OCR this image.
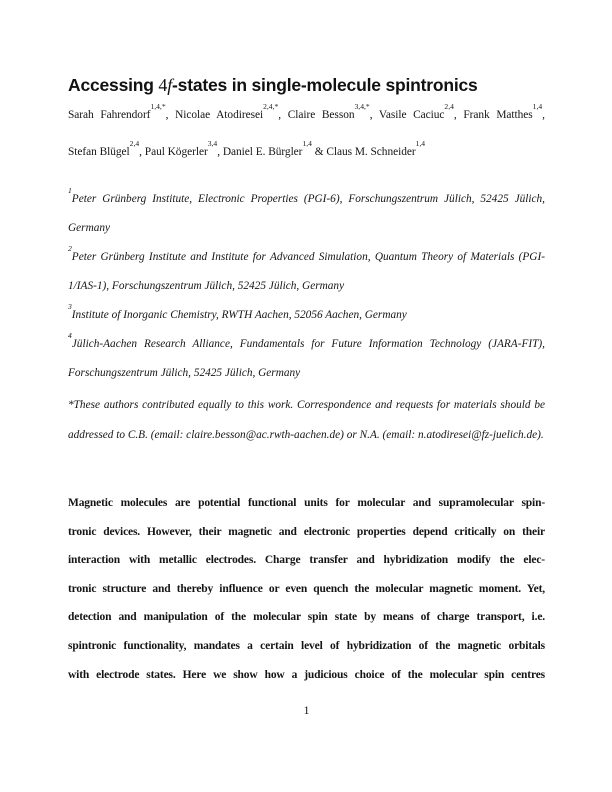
Accessing 4f-states in single-molecule spintronics
Sarah Fahrendorf$^{1,4,*}$, Nicolae Atodiresei$^{2,4,*}$, Claire Besson$^{3,4,*}$, Vasile Caciuc$^{2,4}$, Frank Matthes$^{1,4}$,
Stefan Blügel$^{2,4}$, Paul Kögerler$^{3,4}$, Daniel E. Bürgler$^{1,4}$ & Claus M. Schneider$^{1,4}$
$^1$Peter Grünberg Institute, Electronic Properties (PGI-6), Forschungszentrum Jülich, 52425 Jülich, Germany
$^2$Peter Grünberg Institute and Institute for Advanced Simulation, Quantum Theory of Materials (PGI-1/IAS-1), Forschungszentrum Jülich, 52425 Jülich, Germany
$^3$Institute of Inorganic Chemistry, RWTH Aachen, 52056 Aachen, Germany
$^4$Jülich-Aachen Research Alliance, Fundamentals for Future Information Technology (JARA-FIT), Forschungszentrum Jülich, 52425 Jülich, Germany
*These authors contributed equally to this work. Correspondence and requests for materials should be addressed to C.B. (email: claire.besson@ac.rwth-aachen.de) or N.A. (email: n.atodiresei@fz-juelich.de).
Magnetic molecules are potential functional units for molecular and supramolecular spin-
tronic devices. However, their magnetic and electronic properties depend critically on their
interaction with metallic electrodes. Charge transfer and hybridization modify the elec-
tronic structure and thereby influence or even quench the molecular magnetic moment. Yet,
detection and manipulation of the molecular spin state by means of charge transport, i.e.
spintronic functionality, mandates a certain level of hybridization of the magnetic orbitals
with electrode states. Here we show how a judicious choice of the molecular spin centres
1
